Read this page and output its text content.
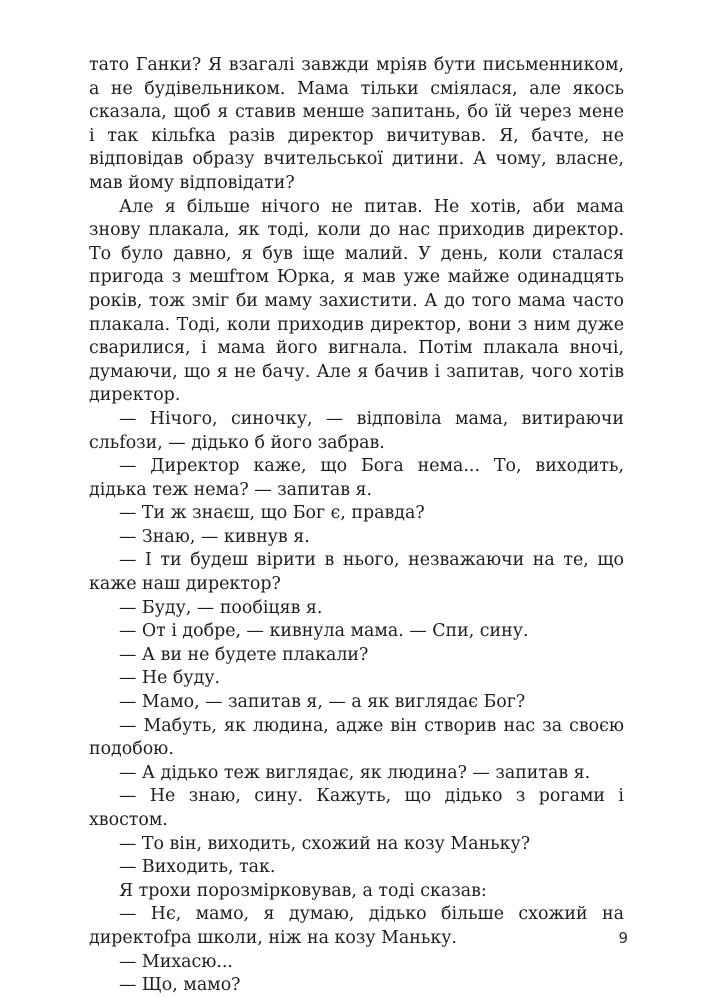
тато Ганки? Я взагалі завжди мріяв бути письменником, а не будівельником. Мама тільки сміялася, але якось сказала, щоб я ставив менше запитань, бо їй через мене і так кільfка разів директор вичитував. Я, бачте, не відповідав образу вчительської дитини. А чому, власне, мав йому відповідати?

Але я більше нічого не питав. Не хотів, аби мама знову плакала, як тоді, коли до нас приходив директор. То було давно, я був іще малий. У день, коли сталася пригода з мешfтом Юрка, я мав уже майже одинадцять років, тож зміг би маму захистити. А до того мама часто плакала. Тоді, коли приходив директор, вони з ним дуже сварилися, і мама його вигнала. Потім плакала вночі, думаючи, що я не бачу. Але я бачив і запитав, чого хотів директор.

— Нічого, синочку, — відповіла мама, витираючи сльfози, — дідько б його забрав.

— Директор каже, що Бога нема... То, виходить, дідька теж нема? — запитав я.

— Ти ж знаєш, що Бог є, правда?

— Знаю, — кивнув я.

— І ти будеш вірити в нього, незважаючи на те, що каже наш директор?

— Буду, — пообіцяв я.

— От і добре, — кивнула мама. — Спи, сину.

— А ви не будете плакали?

— Не буду.

— Мамо, — запитав я, — а як виглядає Бог?

— Мабуть, як людина, адже він створив нас за своєю подобою.

— А дідько теж виглядає, як людина? — запитав я.

— Не знаю, сину. Кажуть, що дідько з рогами і хвостом.

— То він, виходить, схожий на козу Маньку?

— Виходить, так.

Я трохи порозмірковував, а тоді сказав:

— Нє, мамо, я думаю, дідько більше схожий на директоfра школи, ніж на козу Маньку.

— Михасю...

— Що, мамо?

9
